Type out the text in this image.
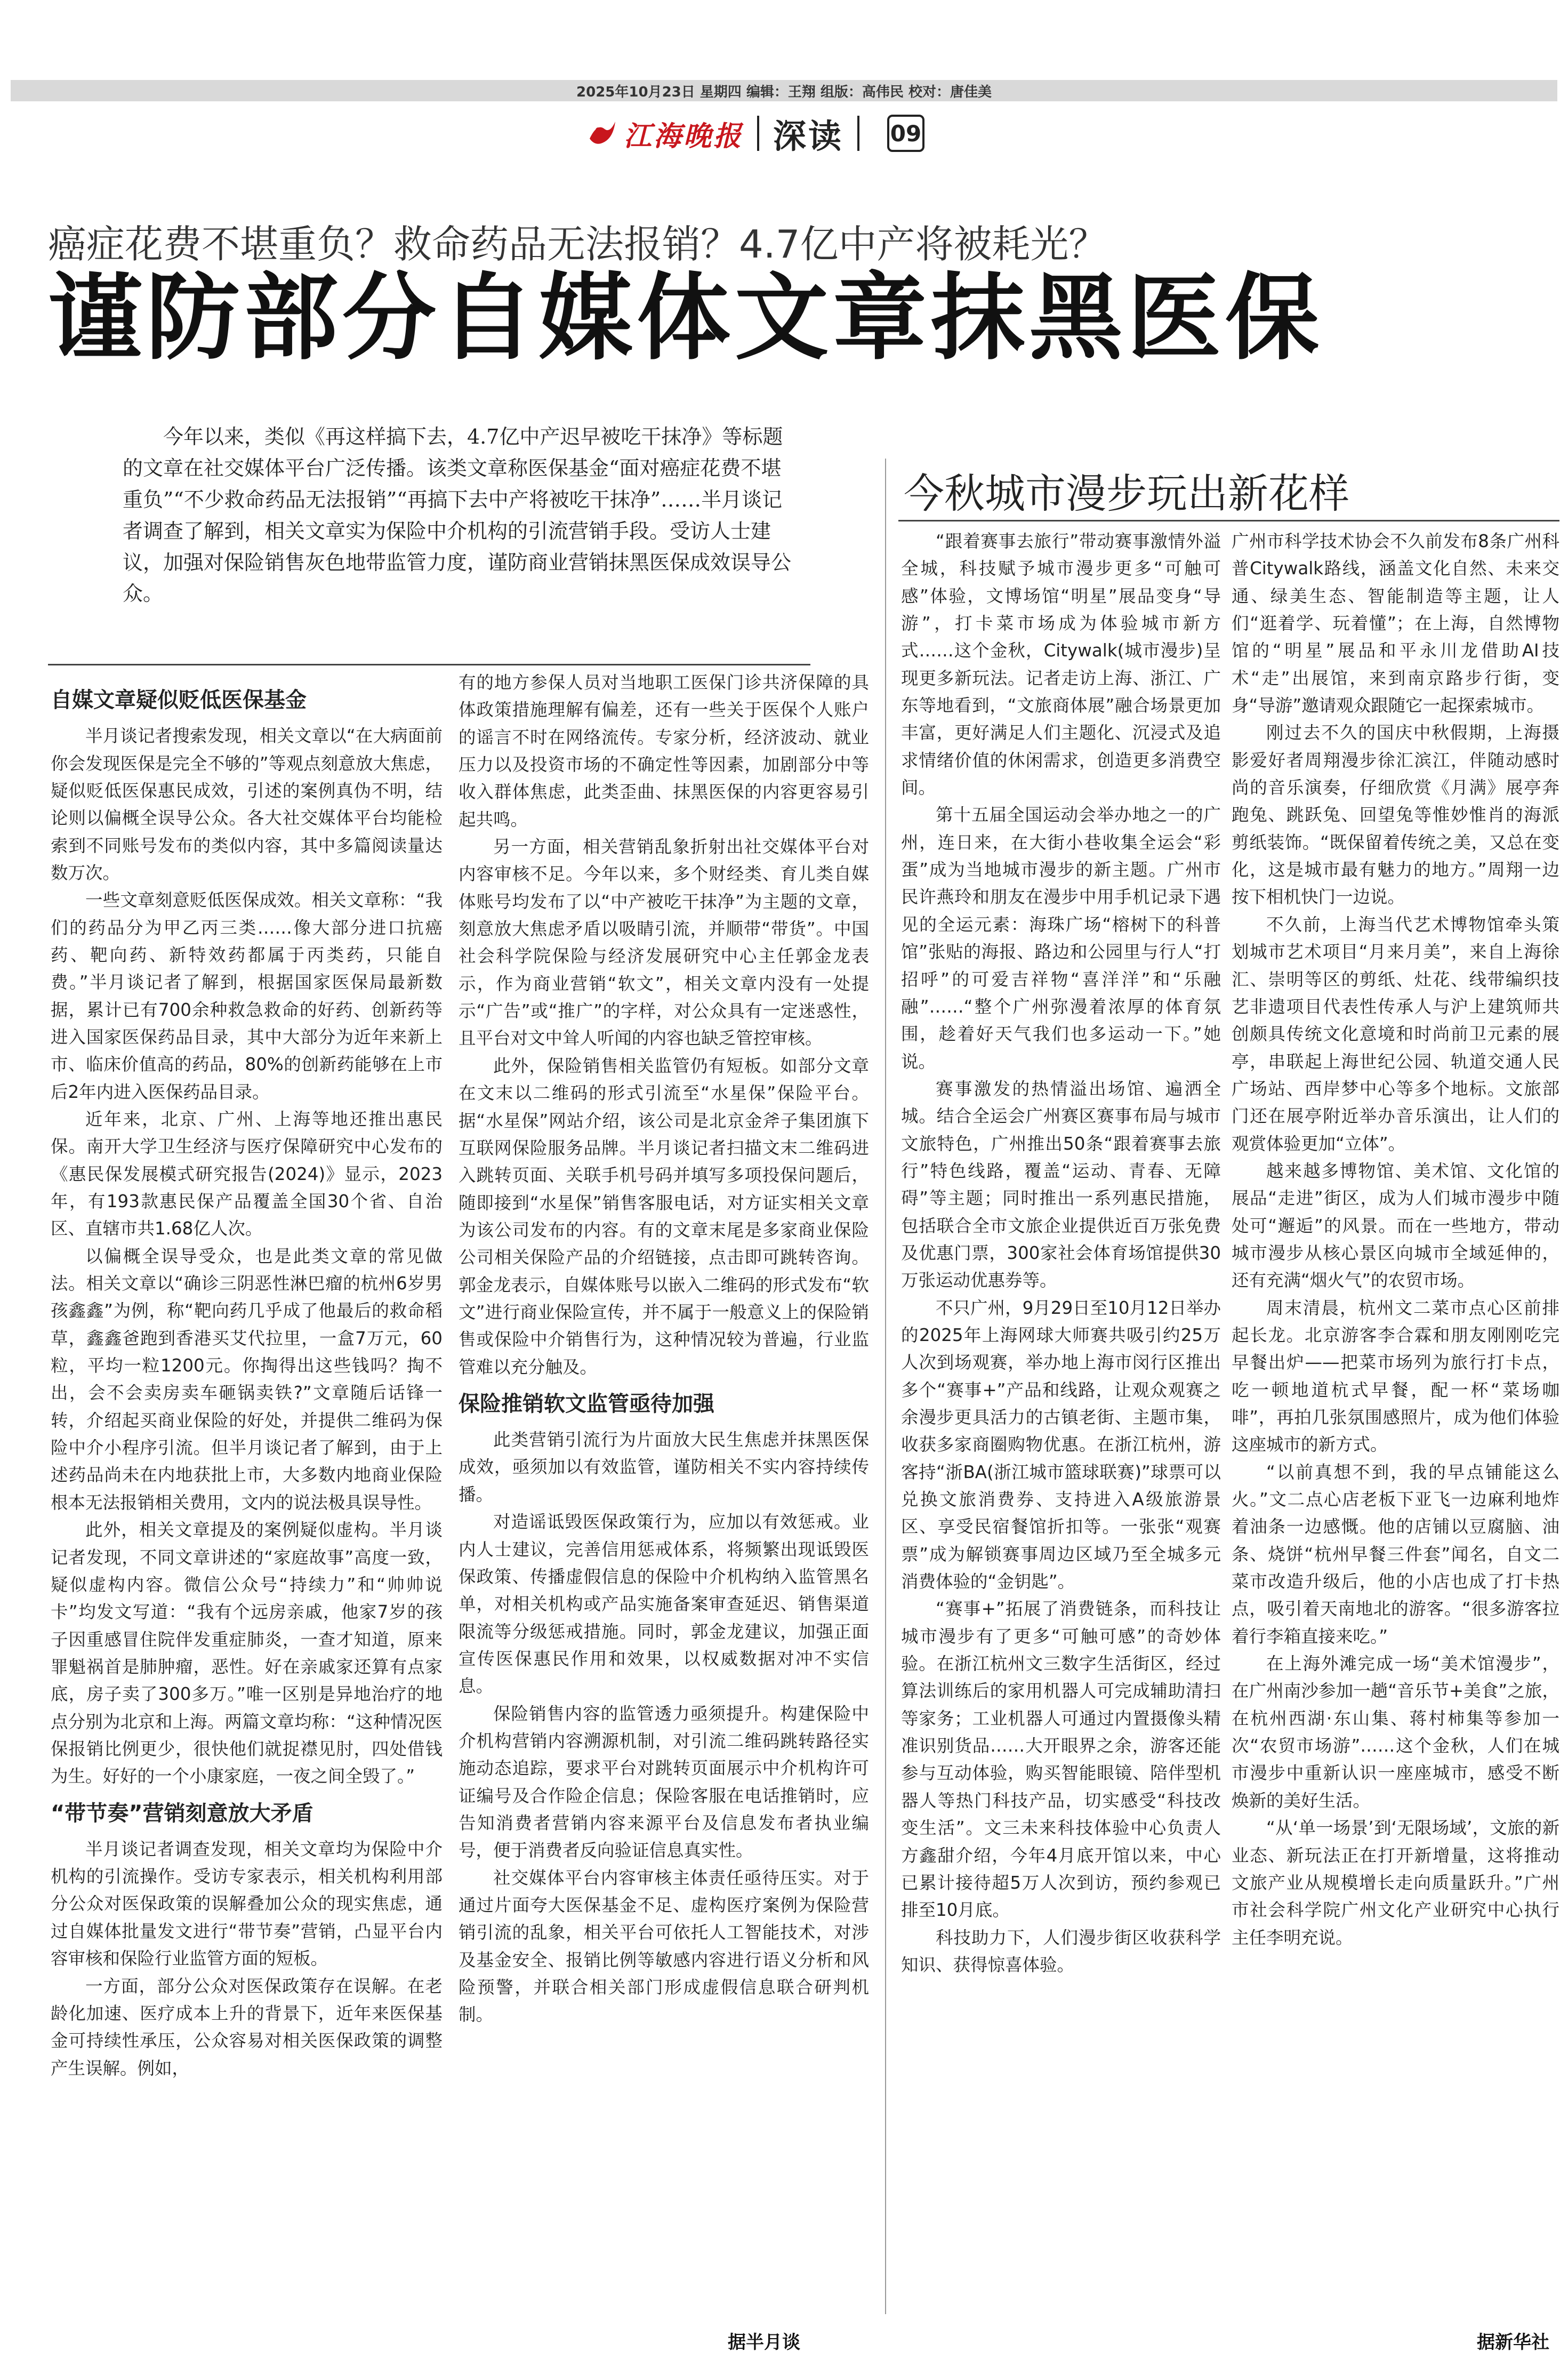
2025年10月23日 星期四 编辑：王翔 组版：高伟民 校对：唐佳美
江海晚报 深读 09
癌症花费不堪重负？救命药品无法报销？4.7亿中产将被耗光？
谨防部分自媒体文章抹黑医保

今年以来，类似《再这样搞下去，4.7亿中产迟早被吃干抹净》等标题的文章在社交媒体平台广泛传播。该类文章称医保基金“面对癌症花费不堪重负”“不少救命药品无法报销”“再搞下去中产将被吃干抹净”……半月谈记者调查了解到，相关文章实为保险中介机构的引流营销手段。受访人士建议，加强对保险销售灰色地带监管力度，谨防商业营销抹黑医保成效误导公众。

今秋城市漫步玩出新花样
自媒文章疑似贬低医保基金

半月谈记者搜索发现，相关文章以“在大病面前你会发现医保是完全不够的”等观点刻意放大焦虑，疑似贬低医保惠民成效，引述的案例真伪不明，结论则以偏概全误导公众。各大社交媒体平台均能检索到不同账号发布的类似内容，其中多篇阅读量达数万次。

一些文章刻意贬低医保成效。相关文章称：“我们的药品分为甲乙丙三类……像大部分进口抗癌药、靶向药、新特效药都属于丙类药，只能自费。”半月谈记者了解到，根据国家医保局最新数据，累计已有700余种救急救命的好药、创新药等进入国家医保药品目录，其中大部分为近年来新上市、临床价值高的药品，80%的创新药能够在上市后2年内进入医保药品目录。

近年来，北京、广州、上海等地还推出惠民保。南开大学卫生经济与医疗保障研究中心发布的《惠民保发展模式研究报告(2024)》显示，2023年，有193款惠民保产品覆盖全国30个省、自治区、直辖市共1.68亿人次。

以偏概全误导受众，也是此类文章的常见做法。相关文章以“确诊三阴恶性淋巴瘤的杭州6岁男孩鑫鑫”为例，称“靶向药几乎成了他最后的救命稻草，鑫鑫爸跑到香港买艾代拉里，一盒7万元，60粒，平均一粒1200元。你掏得出这些钱吗？掏不出，会不会卖房卖车砸锅卖铁?”文章随后话锋一转，介绍起买商业保险的好处，并提供二维码为保险中介小程序引流。但半月谈记者了解到，由于上述药品尚未在内地获批上市，大多数内地商业保险根本无法报销相关费用，文内的说法极具误导性。

此外，相关文章提及的案例疑似虚构。半月谈记者发现，不同文章讲述的“家庭故事”高度一致，疑似虚构内容。微信公众号“持续力”和“帅帅说卡”均发文写道：“我有个远房亲戚，他家7岁的孩子因重感冒住院伴发重症肺炎，一查才知道，原来罪魁祸首是肺肿瘤，恶性。好在亲戚家还算有点家底，房子卖了300多万。”唯一区别是异地治疗的地点分别为北京和上海。两篇文章均称：“这种情况医保报销比例更少，很快他们就捉襟见肘，四处借钱为生。好好的一个小康家庭，一夜之间全毁了。”

“带节奏”营销刻意放大矛盾

半月谈记者调查发现，相关文章均为保险中介机构的引流操作。受访专家表示，相关机构利用部分公众对医保政策的误解叠加公众的现实焦虑，通过自媒体批量发文进行“带节奏”营销，凸显平台内容审核和保险行业监管方面的短板。

一方面，部分公众对医保政策存在误解。在老龄化加速、医疗成本上升的背景下，近年来医保基金可持续性承压，公众容易对相关医保政策的调整产生误解。例如，

有的地方参保人员对当地职工医保门诊共济保障的具体政策措施理解有偏差，还有一些关于医保个人账户的谣言不时在网络流传。专家分析，经济波动、就业压力以及投资市场的不确定性等因素，加剧部分中等收入群体焦虑，此类歪曲、抹黑医保的内容更容易引起共鸣。

另一方面，相关营销乱象折射出社交媒体平台对内容审核不足。今年以来，多个财经类、育儿类自媒体账号均发布了以“中产被吃干抹净”为主题的文章，刻意放大焦虑矛盾以吸睛引流，并顺带“带货”。中国社会科学院保险与经济发展研究中心主任郭金龙表示，作为商业营销“软文”，相关文章内没有一处提示“广告”或“推广”的字样，对公众具有一定迷惑性，且平台对文中耸人听闻的内容也缺乏管控审核。

此外，保险销售相关监管仍有短板。如部分文章在文末以二维码的形式引流至“水星保”保险平台。据“水星保”网站介绍，该公司是北京金斧子集团旗下互联网保险服务品牌。半月谈记者扫描文末二维码进入跳转页面、关联手机号码并填写多项投保问题后，随即接到“水星保”销售客服电话，对方证实相关文章为该公司发布的内容。有的文章末尾是多家商业保险公司相关保险产品的介绍链接，点击即可跳转咨询。郭金龙表示，自媒体账号以嵌入二维码的形式发布“软文”进行商业保险宣传，并不属于一般意义上的保险销售或保险中介销售行为，这种情况较为普遍，行业监管难以充分触及。

保险推销软文监管亟待加强

此类营销引流行为片面放大民生焦虑并抹黑医保成效，亟须加以有效监管，谨防相关不实内容持续传播。

对造谣诋毁医保政策行为，应加以有效惩戒。业内人士建议，完善信用惩戒体系，将频繁出现诋毁医保政策、传播虚假信息的保险中介机构纳入监管黑名单，对相关机构或产品实施备案审查延迟、销售渠道限流等分级惩戒措施。同时，郭金龙建议，加强正面宣传医保惠民作用和效果，以权威数据对冲不实信息。

保险销售内容的监管透力亟须提升。构建保险中介机构营销内容溯源机制，对引流二维码跳转路径实施动态追踪，要求平台对跳转页面展示中介机构许可证编号及合作险企信息；保险客服在电话推销时，应告知消费者营销内容来源平台及信息发布者执业编号，便于消费者反向验证信息真实性。

社交媒体平台内容审核主体责任亟待压实。对于通过片面夸大医保基金不足、虚构医疗案例为保险营销引流的乱象，相关平台可依托人工智能技术，对涉及基金安全、报销比例等敏感内容进行语义分析和风险预警，并联合相关部门形成虚假信息联合研判机制。

“跟着赛事去旅行”带动赛事激情外溢全城，科技赋予城市漫步更多“可触可感”体验，文博场馆“明星”展品变身“导游”，打卡菜市场成为体验城市新方式……这个金秋，Citywalk(城市漫步)呈现更多新玩法。记者走访上海、浙江、广东等地看到，“文旅商体展”融合场景更加丰富，更好满足人们主题化、沉浸式及追求情绪价值的休闲需求，创造更多消费空间。

第十五届全国运动会举办地之一的广州，连日来，在大街小巷收集全运会“彩蛋”成为当地城市漫步的新主题。广州市民许燕玲和朋友在漫步中用手机记录下遇见的全运元素：海珠广场“榕树下的科普馆”张贴的海报、路边和公园里与行人“打招呼”的可爱吉祥物“喜洋洋”和“乐融融”……“整个广州弥漫着浓厚的体育氛围，趁着好天气我们也多运动一下。”她说。

赛事激发的热情溢出场馆、遍洒全城。结合全运会广州赛区赛事布局与城市文旅特色，广州推出50条“跟着赛事去旅行”特色线路，覆盖“运动、青春、无障碍”等主题；同时推出一系列惠民措施，包括联合全市文旅企业提供近百万张免费及优惠门票，300家社会体育场馆提供30万张运动优惠券等。

不只广州，9月29日至10月12日举办的2025年上海网球大师赛共吸引约25万人次到场观赛，举办地上海市闵行区推出多个“赛事+”产品和线路，让观众观赛之余漫步更具活力的古镇老街、主题市集，收获多家商圈购物优惠。在浙江杭州，游客持“浙BA(浙江城市篮球联赛)”球票可以兑换文旅消费券、支持进入A级旅游景区、享受民宿餐馆折扣等。一张张“观赛票”成为解锁赛事周边区域乃至全城多元消费体验的“金钥匙”。

“赛事+”拓展了消费链条，而科技让城市漫步有了更多“可触可感”的奇妙体验。在浙江杭州文三数字生活街区，经过算法训练后的家用机器人可完成辅助清扫等家务；工业机器人可通过内置摄像头精准识别货品……大开眼界之余，游客还能参与互动体验，购买智能眼镜、陪伴型机器人等热门科技产品，切实感受“科技改变生活”。文三未来科技体验中心负责人方鑫甜介绍，今年4月底开馆以来，中心已累计接待超5万人次到访，预约参观已排至10月底。

科技助力下，人们漫步街区收获科学知识、获得惊喜体验。

广州市科学技术协会不久前发布8条广州科普Citywalk路线，涵盖文化自然、未来交通、绿美生态、智能制造等主题，让人们“逛着学、玩着懂”；在上海，自然博物馆的“明星”展品和平永川龙借助AI技术“走”出展馆，来到南京路步行街，变身“导游”邀请观众跟随它一起探索城市。

刚过去不久的国庆中秋假期，上海摄影爱好者周翔漫步徐汇滨江，伴随动感时尚的音乐演奏，仔细欣赏《月满》展亭奔跑兔、跳跃兔、回望兔等惟妙惟肖的海派剪纸装饰。“既保留着传统之美，又总在变化，这是城市最有魅力的地方。”周翔一边按下相机快门一边说。

不久前，上海当代艺术博物馆牵头策划城市艺术项目“月来月美”，来自上海徐汇、崇明等区的剪纸、灶花、线带编织技艺非遗项目代表性传承人与沪上建筑师共创颇具传统文化意境和时尚前卫元素的展亭，串联起上海世纪公园、轨道交通人民广场站、西岸梦中心等多个地标。文旅部门还在展亭附近举办音乐演出，让人们的观赏体验更加“立体”。

越来越多博物馆、美术馆、文化馆的展品“走进”街区，成为人们城市漫步中随处可“邂逅”的风景。而在一些地方，带动城市漫步从核心景区向城市全域延伸的，还有充满“烟火气”的农贸市场。

周末清晨，杭州文二菜市点心区前排起长龙。北京游客李合霖和朋友刚刚吃完早餐出炉——把菜市场列为旅行打卡点，吃一顿地道杭式早餐，配一杯“菜场咖啡”，再拍几张氛围感照片，成为他们体验这座城市的新方式。

“以前真想不到，我的早点铺能这么火。”文二点心店老板下亚飞一边麻利地炸着油条一边感慨。他的店铺以豆腐脑、油条、烧饼“杭州早餐三件套”闻名，自文二菜市改造升级后，他的小店也成了打卡热点，吸引着天南地北的游客。“很多游客拉着行李箱直接来吃。”

在上海外滩完成一场“美术馆漫步”，在广州南沙参加一趟“音乐节+美食”之旅，在杭州西湖·东山集、蒋村柿集等参加一次“农贸市场游”……这个金秋，人们在城市漫步中重新认识一座座城市，感受不断焕新的美好生活。

“从‘单一场景’到‘无限场域’，文旅的新业态、新玩法正在打开新增量，这将推动文旅产业从规模增长走向质量跃升。”广州市社会科学院广州文化产业研究中心执行主任李明充说。

据半月谈	据新华社
